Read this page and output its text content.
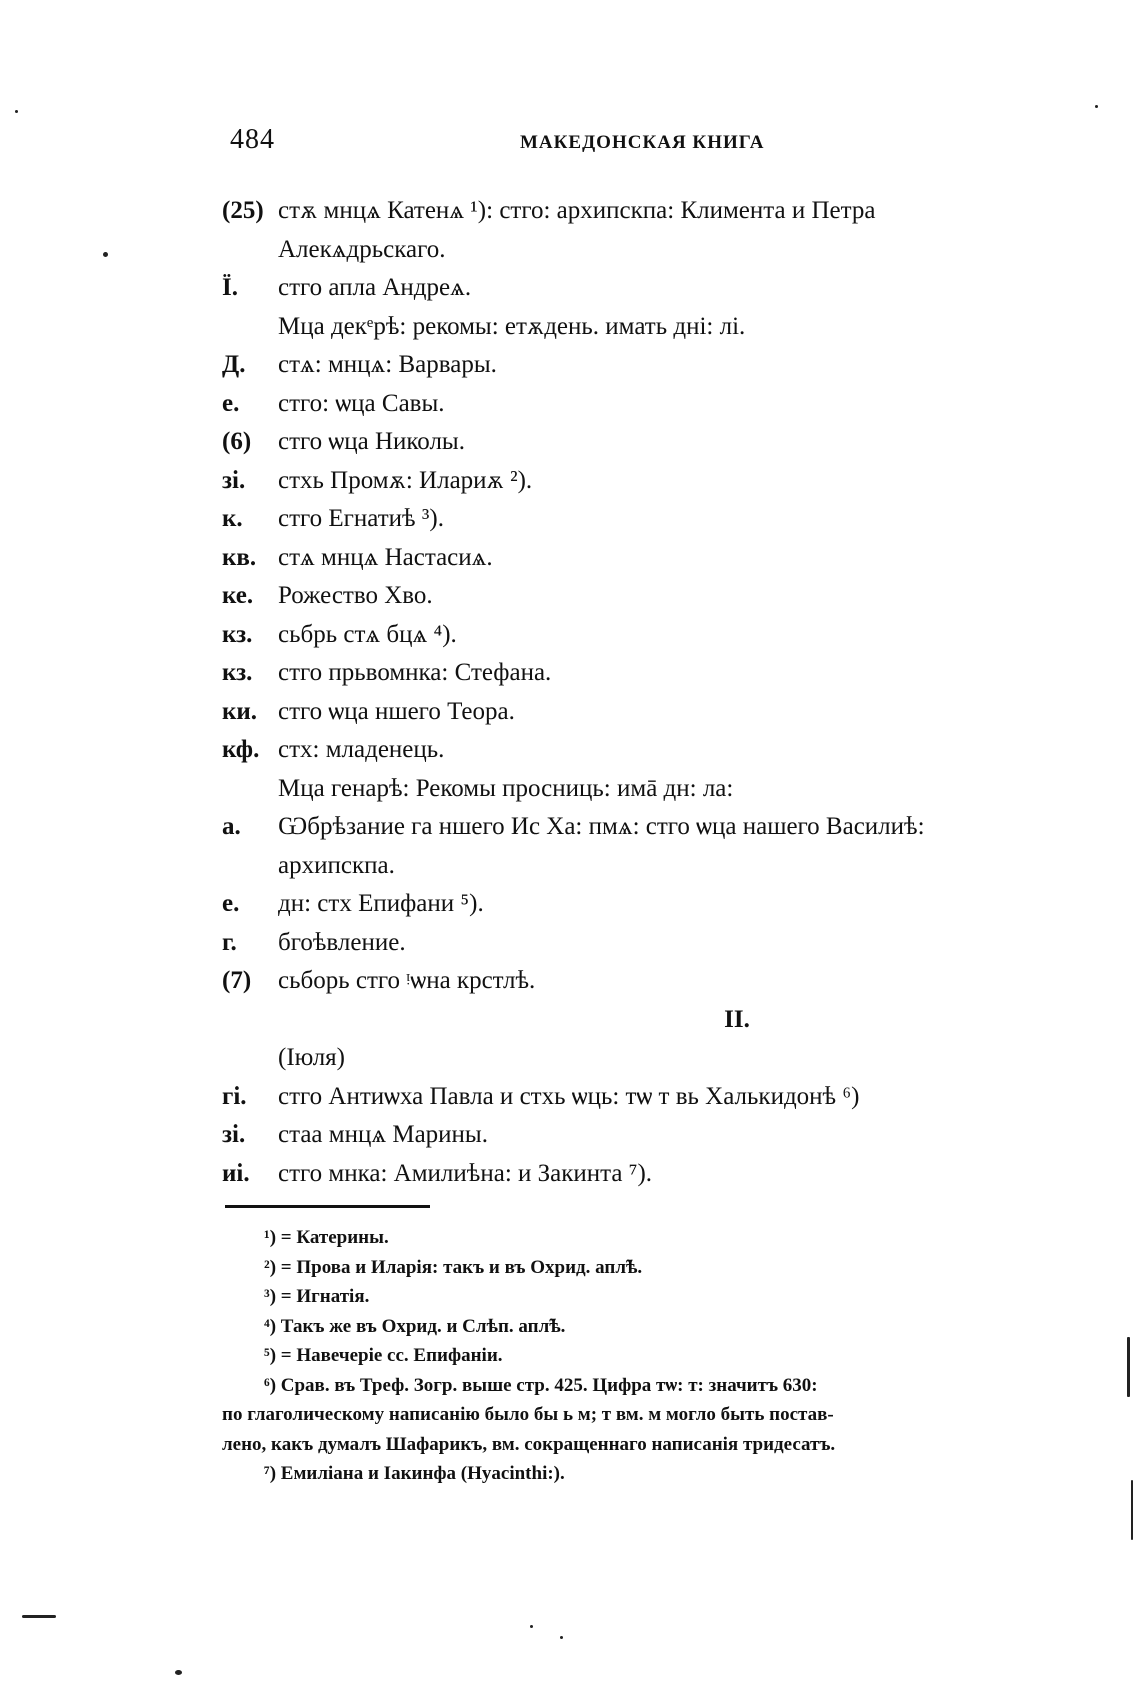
484	МАКЕДОНСКАЯ КНИГА
(25) стѫ мнцѧ Катенѧ ¹): стго: архипскпа: Климента и Петра
Алекѧдрьскаго.
Ї. стго апла Андреѧ.
Мца декᵉрѣ: рекомы: етѫдень. имать дні: лі.
Д. стѧ: мнцѧ: Варвары.
е. стго: ѡца Савы.
(6) стго ѡца Николы.
зі. стхь Промѫ: Илариѫ ²).
к. стго Егнатиѣ ³).
кв. стѧ мнцѧ Настасиѧ.
ке. Рожество Хво.
кз. сьбрь стѧ бцѧ ⁴).
кз. стго прьвомнка: Стефана.
ки. стго ѡца ншего Теора.
кф. стх: младенець.
Мца генарѣ: Рекомы просниць: имā дн: ла:
а. Ѡбрѣзание га ншего Ис Ха: пмѧ: стго ѡца нашего Василиѣ:
архипскпа.
е. дн: стх Епифани ⁵).
г. бгоѣвление.
(7) сьборь стго ᵎѡна крстлѣ.
II.
(Іюля)
гі. стго Антиѡха Павла и стхь ѡць: тѡ т вь Халькидонѣ ⁶)
зі. стаа мнцѧ Марины.
иі. стго мнка: Амилиѣна: и Закинта ⁷).
¹) = Катерины.
²) = Прова и Иларія: такъ и въ Охрид. апл̃ѣ.
³) = Игнатія.
⁴) Такъ же въ Охрид. и Слѣп. апл̃ѣ.
⁵) = Навечеріе сс. Епифаніи.
⁶) Срав. въ Треф. Зогр. выше стр. 425. Цифра тѡ: т: значитъ 630:
по глаголическому написанію было бы ь м; т вм. м могло быть постав-
лено, какъ думалъ Шафарикъ, вм. сокращеннаго написанія тридесатъ.
⁷) Емиліана и Іакинфа (Hyacinthi:).
